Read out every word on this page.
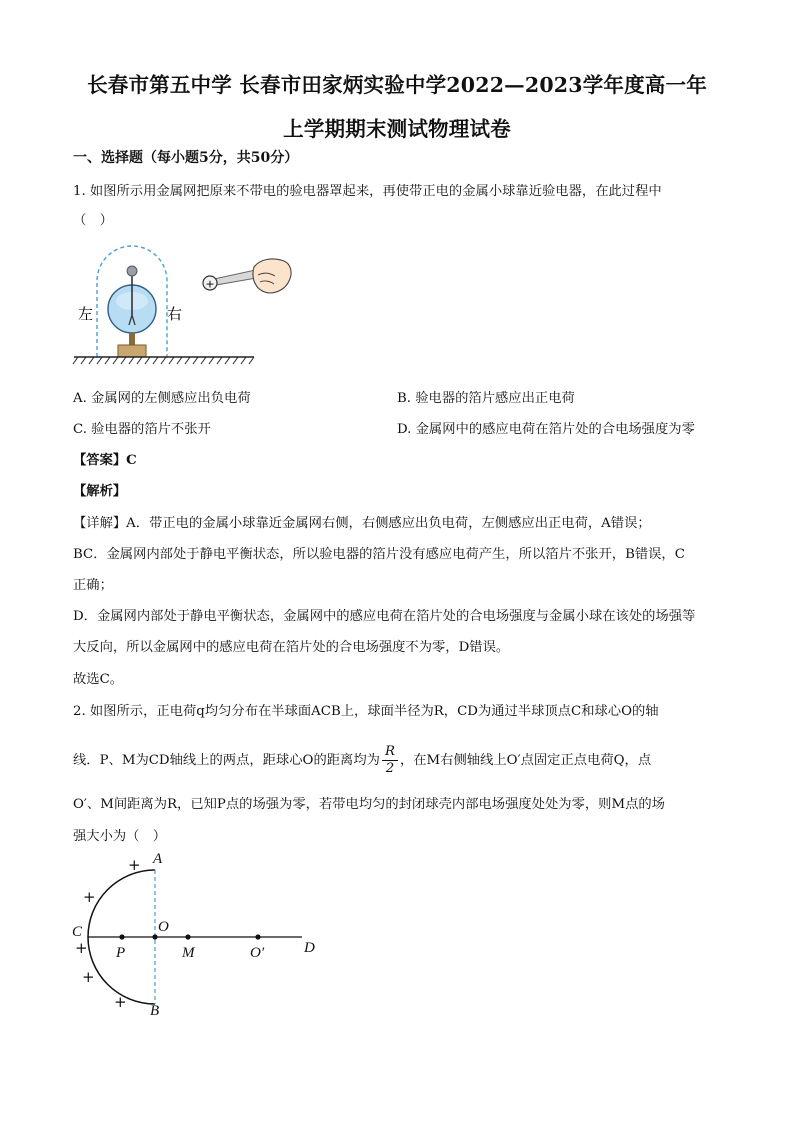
长春市第五中学 长春市田家炳实验中学2022—2023学年度高一年
上学期期末测试物理试卷
一、选择题（每小题5分，共50分）
1. 如图所示用金属网把原来不带电的验电器罩起来，再使带正电的金属小球靠近验电器，在此过程中
（　）
左	右
+
A. 金属网的左侧感应出负电荷	B. 验电器的箔片感应出正电荷
C. 验电器的箔片不张开	D. 金属网中的感应电荷在箔片处的合电场强度为零
【答案】C
【解析】
【详解】A．带正电的金属小球靠近金属网右侧，右侧感应出负电荷，左侧感应出正电荷，A错误；
BC．金属网内部处于静电平衡状态，所以验电器的箔片没有感应电荷产生，所以箔片不张开，B错误，C
正确；
D．金属网内部处于静电平衡状态，金属网中的感应电荷在箔片处的合电场强度与金属小球在该处的场强等
大反向，所以金属网中的感应电荷在箔片处的合电场强度不为零，D错误。
故选C。
2. 如图所示，正电荷q均匀分布在半球面ACB上，球面半径为R，CD为通过半球顶点C和球心O的轴
线．P、M为CD轴线上的两点，距球心O的距离均为 $\frac{R}{2}$ ，在M右侧轴线上O′点固定正点电荷Q，点
O′、M间距离为R，已知P点的场强为零，若带电均匀的封闭球壳内部电场强度处处为零，则M点的场
强大小为（　）
A
B
C
D
O
P	M	O′
+
+
+
+
+
